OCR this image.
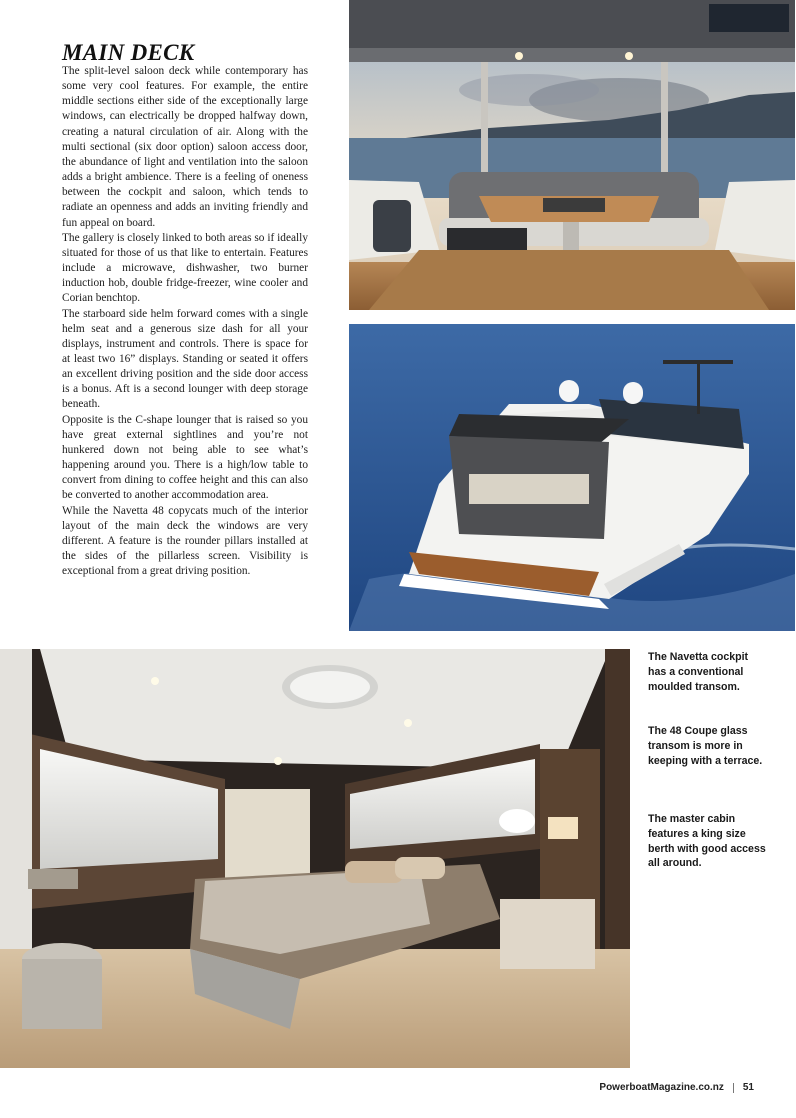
MAIN DECK

The split-level saloon deck while contemporary has some very cool features. For example, the entire middle sections either side of the exceptionally large windows, can electrically be dropped halfway down, creating a natural circulation of air. Along with the multi sectional (six door option) saloon access door, the abundance of light and ventilation into the saloon adds a bright ambience. There is a feeling of oneness between the cockpit and saloon, which tends to radiate an openness and adds an inviting friendly and fun appeal on board.

The gallery is closely linked to both areas so if ideally situated for those of us that like to entertain. Features include a microwave, dishwasher, two burner induction hob, double fridge-freezer, wine cooler and Corian benchtop.

The starboard side helm forward comes with a single helm seat and a generous size dash for all your displays, instrument and controls. There is space for at least two 16” displays. Standing or seated it offers an excellent driving position and the side door access is a bonus. Aft is a second lounger with deep storage beneath.

Opposite is the C-shape lounger that is raised so you have great external sightlines and you’re not hunkered down not being able to see what’s happening around you. There is a high/low table to convert from dining to coffee height and this can also be converted to another accommodation area.

While the Navetta 48 copycats much of the interior layout of the main deck the windows are very different. A feature is the rounder pillars installed at the sides of the pillarless screen. Visibility is exceptional from a great driving position.

The Navetta cockpit has a conventional moulded transom.
The 48 Coupe glass transom is more in keeping with a terrace.
The master cabin features a king size berth with good access all around.
PowerboatMagazine.co.nz 51
